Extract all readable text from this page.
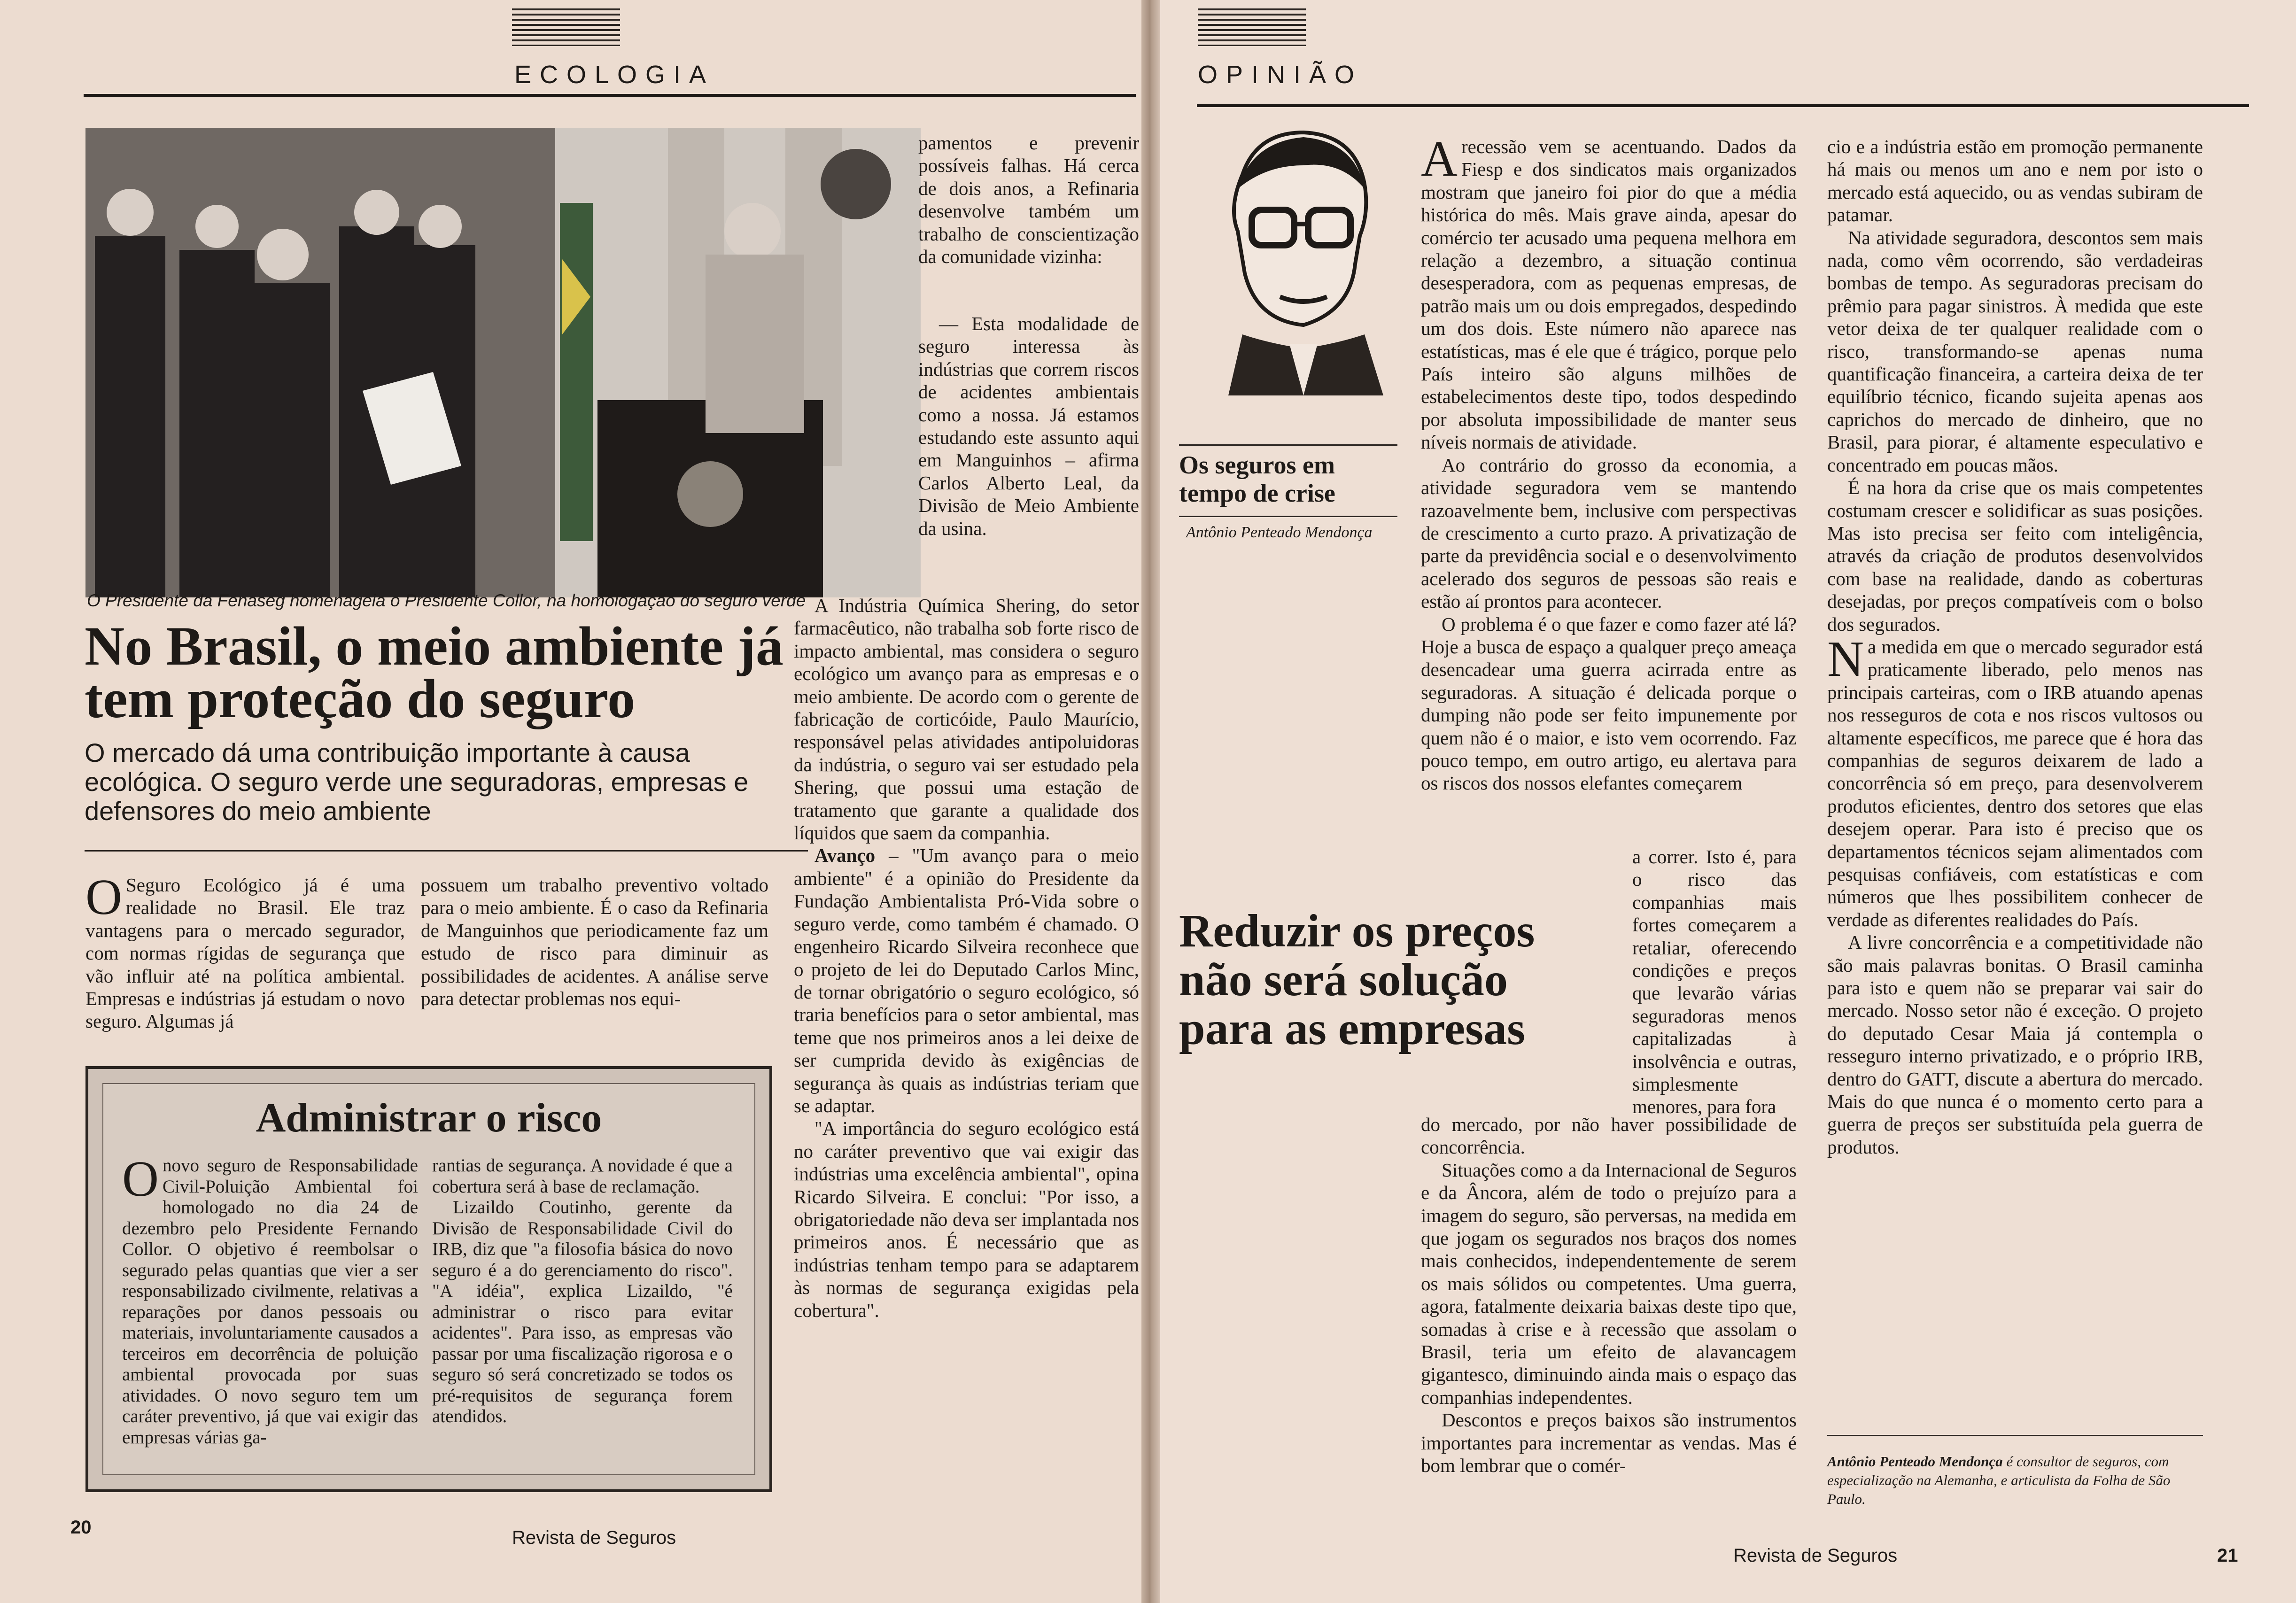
ECOLOGIA
O Presidente da Fenaseg homenageia o Presidente Collor, na homologação do seguro verde
No Brasil, o meio ambiente já tem proteção do seguro
O mercado dá uma contribuição importante à causa ecológica. O seguro verde une seguradoras, empresas e defensores do meio ambiente

O Seguro Ecológico já é uma realidade no Brasil. Ele traz vantagens para o mercado segurador, com normas rígidas de segurança que vão influir até na política ambiental. Empresas e indústrias já estudam o novo seguro. Algumas já

possuem um trabalho preventivo voltado para o meio ambiente. É o caso da Refinaria de Manguinhos que periodicamente faz um estudo de risco para diminuir as possibilidades de acidentes. A análise serve para detectar problemas nos equi-

pamentos e prevenir possíveis falhas. Há cerca de dois anos, a Refinaria desenvolve também um trabalho de conscientização da comunidade vizinha:

— Esta modalidade de seguro interessa às indústrias que correm riscos de acidentes ambientais como a nossa. Já estamos estudando este assunto aqui em Manguinhos – afirma Carlos Alberto Leal, da Divisão de Meio Ambiente da usina.

A Indústria Química Shering, do setor farmacêutico, não trabalha sob forte risco de impacto ambiental, mas considera o seguro ecológico um avanço para as empresas e o meio ambiente. De acordo com o gerente de fabricação de corticóide, Paulo Maurício, responsável pelas atividades antipoluidoras da indústria, o seguro vai ser estudado pela Shering, que possui uma estação de tratamento que garante a qualidade dos líquidos que saem da companhia.

Avanço – "Um avanço para o meio ambiente" é a opinião do Presidente da Fundação Ambientalista Pró-Vida sobre o seguro verde, como também é chamado. O engenheiro Ricardo Silveira reconhece que o projeto de lei do Deputado Carlos Minc, de tornar obrigatório o seguro ecológico, só traria benefícios para o setor ambiental, mas teme que nos primeiros anos a lei deixe de ser cumprida devido às exigências de segurança às quais as indústrias teriam que se adaptar.

"A importância do seguro ecológico está no caráter preventivo que vai exigir das indústrias uma excelência ambiental", opina Ricardo Silveira. E conclui: "Por isso, a obrigatoriedade não deva ser implantada nos primeiros anos. É necessário que as indústrias tenham tempo para se adaptarem às normas de segurança exigidas pela cobertura".

Administrar o risco

Onovo seguro de Responsabilidade Civil-Poluição Ambiental foi homologado no dia 24 de dezembro pelo Presidente Fernando Collor. O objetivo é reembolsar o segurado pelas quantias que vier a ser responsabilizado civilmente, relativas a reparações por danos pessoais ou materiais, involuntariamente causados a terceiros em decorrência de poluição ambiental provocada por suas atividades. O novo seguro tem um caráter preventivo, já que vai exigir das empresas várias ga-

rantias de segurança. A novidade é que a cobertura será à base de reclamação.

Lizaildo Coutinho, gerente da Divisão de Responsabilidade Civil do IRB, diz que "a filosofia básica do novo seguro é a do gerenciamento do risco". "A idéia", explica Lizaildo, "é administrar o risco para evitar acidentes". Para isso, as empresas vão passar por uma fiscalização rigorosa e o seguro só será concretizado se todos os pré-requisitos de segurança forem atendidos.

20	Revista de Seguros
OPINIÃO
Os seguros em tempo de crise
Antônio Penteado Mendonça

Arecessão vem se acentuando. Dados da Fiesp e dos sindicatos mais organizados mostram que janeiro foi pior do que a média histórica do mês. Mais grave ainda, apesar do comércio ter acusado uma pequena melhora em relação a dezembro, a situação continua desesperadora, com as pequenas empresas, de patrão mais um ou dois empregados, despedindo um dos dois. Este número não aparece nas estatísticas, mas é ele que é trágico, porque pelo País inteiro são alguns milhões de estabelecimentos deste tipo, todos despedindo por absoluta impossibilidade de manter seus níveis normais de atividade.

Ao contrário do grosso da economia, a atividade seguradora vem se mantendo razoavelmente bem, inclusive com perspectivas de crescimento a curto prazo. A privatização de parte da previdência social e o desenvolvimento acelerado dos seguros de pessoas são reais e estão aí prontos para acontecer.

O problema é o que fazer e como fazer até lá? Hoje a busca de espaço a qualquer preço ameaça desencadear uma guerra acirrada entre as seguradoras. A situação é delicada porque o dumping não pode ser feito impunemente por quem não é o maior, e isto vem ocorrendo. Faz pouco tempo, em outro artigo, eu alertava para os riscos dos nossos elefantes começarem

a correr. Isto é, para o risco das companhias mais fortes começarem a retaliar, oferecendo condições e preços que levarão várias seguradoras menos capitalizadas à insolvência e outras, simplesmente menores, para fora

Reduzir os preços não será solução para as empresas

do mercado, por não haver possibilidade de concorrência.

Situações como a da Internacional de Seguros e da Âncora, além de todo o prejuízo para a imagem do seguro, são perversas, na medida em que jogam os segurados nos braços dos nomes mais conhecidos, independentemente de serem os mais sólidos ou competentes. Uma guerra, agora, fatalmente deixaria baixas deste tipo que, somadas à crise e à recessão que assolam o Brasil, teria um efeito de alavancagem gigantesco, diminuindo ainda mais o espaço das companhias independentes.

Descontos e preços baixos são instrumentos importantes para incrementar as vendas. Mas é bom lembrar que o comér-

cio e a indústria estão em promoção permanente há mais ou menos um ano e nem por isto o mercado está aquecido, ou as vendas subiram de patamar.

Na atividade seguradora, descontos sem mais nada, como vêm ocorrendo, são verdadeiras bombas de tempo. As seguradoras precisam do prêmio para pagar sinistros. À medida que este vetor deixa de ter qualquer realidade com o risco, transformando-se apenas numa quantificação financeira, a carteira deixa de ter equilíbrio técnico, ficando sujeita apenas aos caprichos do mercado de dinheiro, que no Brasil, para piorar, é altamente especulativo e concentrado em poucas mãos.

É na hora da crise que os mais competentes costumam crescer e solidificar as suas posições. Mas isto precisa ser feito com inteligência, através da criação de produtos desenvolvidos com base na realidade, dando as coberturas desejadas, por preços compatíveis com o bolso dos segurados.

Na medida em que o mercado segurador está praticamente liberado, pelo menos nas principais carteiras, com o IRB atuando apenas nos resseguros de cota e nos riscos vultosos ou altamente específicos, me parece que é hora das companhias de seguros deixarem de lado a concorrência só em preço, para desenvolverem produtos eficientes, dentro dos setores que elas desejem operar. Para isto é preciso que os departamentos técnicos sejam alimentados com pesquisas confiáveis, com estatísticas e com números que lhes possibilitem conhecer de verdade as diferentes realidades do País.

A livre concorrência e a competitividade não são mais palavras bonitas. O Brasil caminha para isto e quem não se preparar vai sair do mercado. Nosso setor não é exceção. O projeto do deputado Cesar Maia já contempla o resseguro interno privatizado, e o próprio IRB, dentro do GATT, discute a abertura do mercado. Mais do que nunca é o momento certo para a guerra de preços ser substituída pela guerra de produtos.

Antônio Penteado Mendonça é consultor de seguros, com especialização na Alemanha, e articulista da Folha de São Paulo.
Revista de Seguros	21
